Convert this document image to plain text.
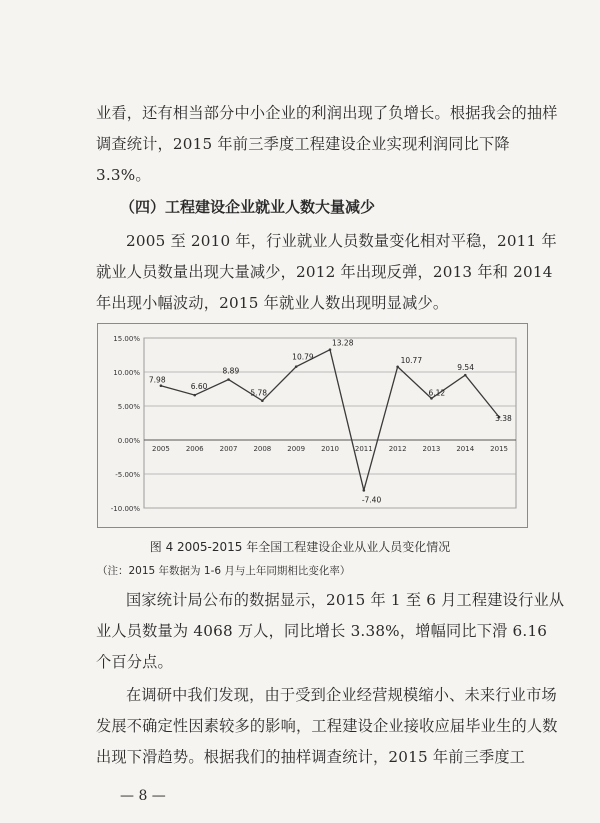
业看，还有相当部分中小企业的利润出现了负增长。根据我会的抽样调查统计，2015 年前三季度工程建设企业实现利润同比下降 3.3%。

（四）工程建设企业就业人数大量减少

2005 至 2010 年，行业就业人员数量变化相对平稳，2011 年就业人员数量出现大量减少，2012 年出现反弹，2013 年和 2014 年出现小幅波动，2015 年就业人数出现明显减少。

15.00%
10.00%
5.00%
0.00%
-5.00%
-10.00%
2005 2006 2007 2008 2009 2010 2011 2012 2013 2014 2015
7.98
6.60
8.89
5.78
10.79
13.28
-7.40
10.77
6.12
9.54
3.38

图 4 2005-2015 年全国工程建设企业从业人员变化情况

（注：2015 年数据为 1-6 月与上年同期相比变化率）

国家统计局公布的数据显示，2015 年 1 至 6 月工程建设行业从业人员数量为 4068 万人，同比增长 3.38%，增幅同比下滑 6.16 个百分点。

在调研中我们发现，由于受到企业经营规模缩小、未来行业市场发展不确定性因素较多的影响，工程建设企业接收应届毕业生的人数出现下滑趋势。根据我们的抽样调查统计，2015 年前三季度工

— 8 —
